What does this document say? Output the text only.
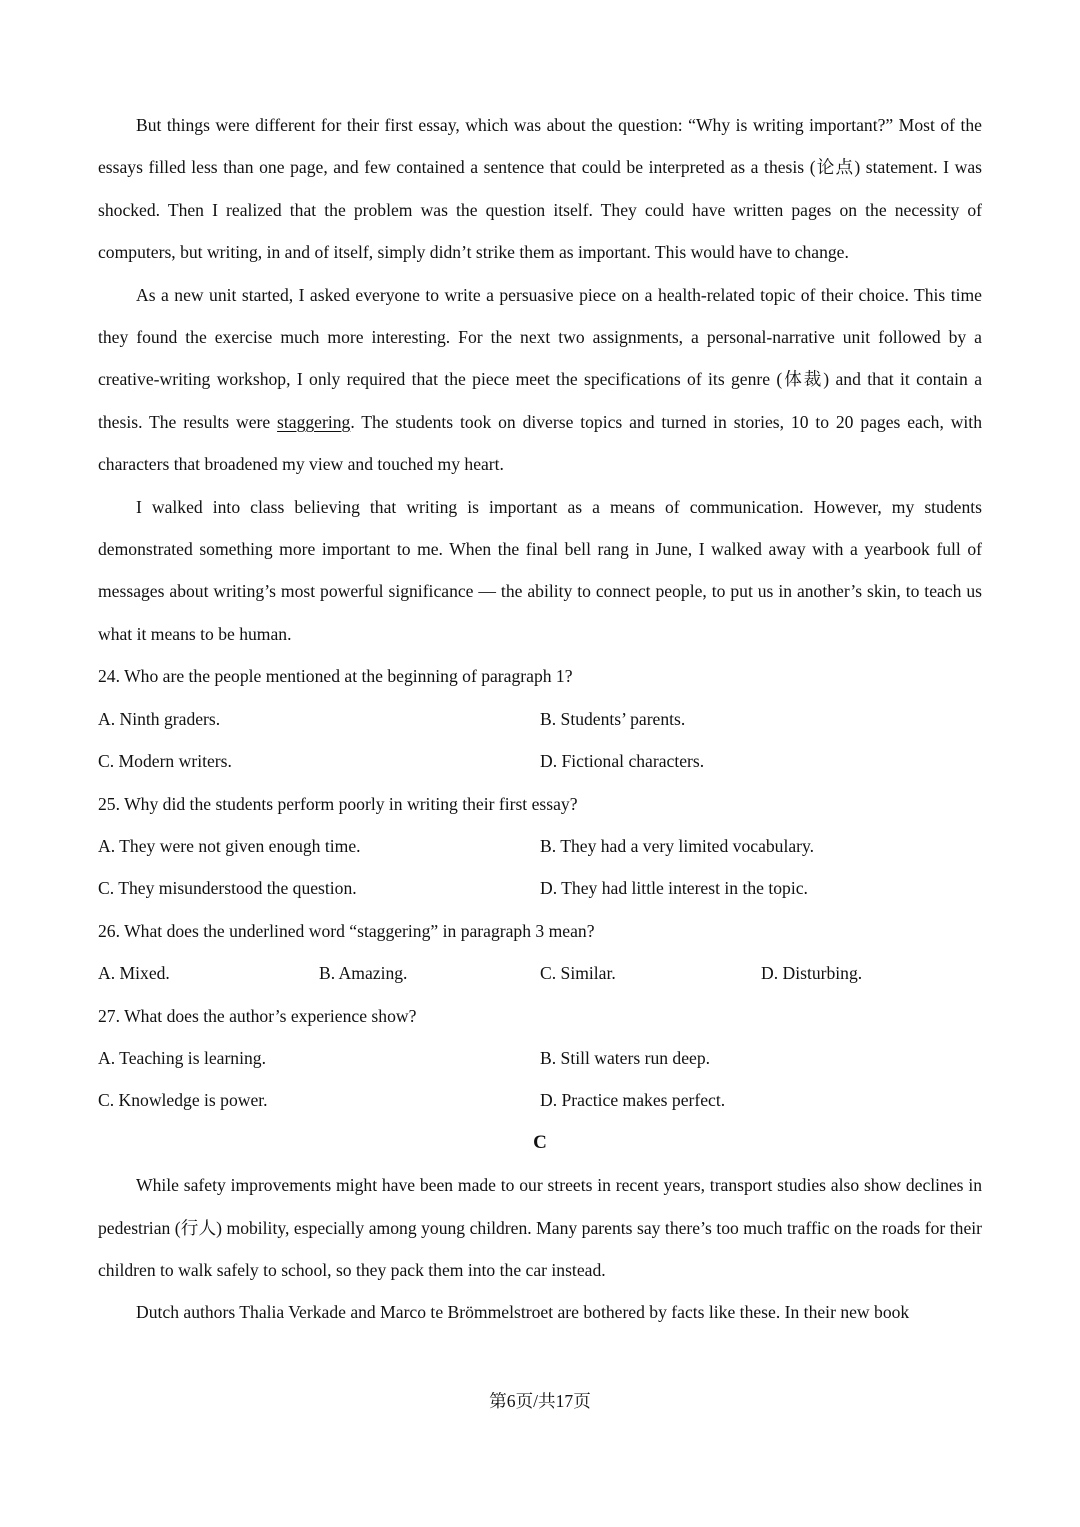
But things were different for their first essay, which was about the question: “Why is writing important?” Most of the essays filled less than one page, and few contained a sentence that could be interpreted as a thesis (论点) statement. I was shocked. Then I realized that the problem was the question itself. They could have written pages on the necessity of computers, but writing, in and of itself, simply didn’t strike them as important. This would have to change.

As a new unit started, I asked everyone to write a persuasive piece on a health-related topic of their choice. This time they found the exercise much more interesting. For the next two assignments, a personal-narrative unit followed by a creative-writing workshop, I only required that the piece meet the specifications of its genre (体裁) and that it contain a thesis. The results were staggering. The students took on diverse topics and turned in stories, 10 to 20 pages each, with characters that broadened my view and touched my heart.

I walked into class believing that writing is important as a means of communication. However, my students demonstrated something more important to me. When the final bell rang in June, I walked away with a yearbook full of messages about writing’s most powerful significance — the ability to connect people, to put us in another’s skin, to teach us what it means to be human.

24. Who are the people mentioned at the beginning of paragraph 1?

A. Ninth graders.	B. Students’ parents.
C. Modern writers.	D. Fictional characters.

25. Why did the students perform poorly in writing their first essay?

A. They were not given enough time.	B. They had a very limited vocabulary.
C. They misunderstood the question.	D. They had little interest in the topic.

26. What does the underlined word “staggering” in paragraph 3 mean?

A. Mixed.	B. Amazing.	C. Similar.	D. Disturbing.

27. What does the author’s experience show?

A. Teaching is learning.	B. Still waters run deep.
C. Knowledge is power.	D. Practice makes perfect.

C

While safety improvements might have been made to our streets in recent years, transport studies also show declines in pedestrian (行人) mobility, especially among young children. Many parents say there’s too much traffic on the roads for their children to walk safely to school, so they pack them into the car instead.

Dutch authors Thalia Verkade and Marco te Brömmelstroet are bothered by facts like these. In their new book

第6页/共17页
